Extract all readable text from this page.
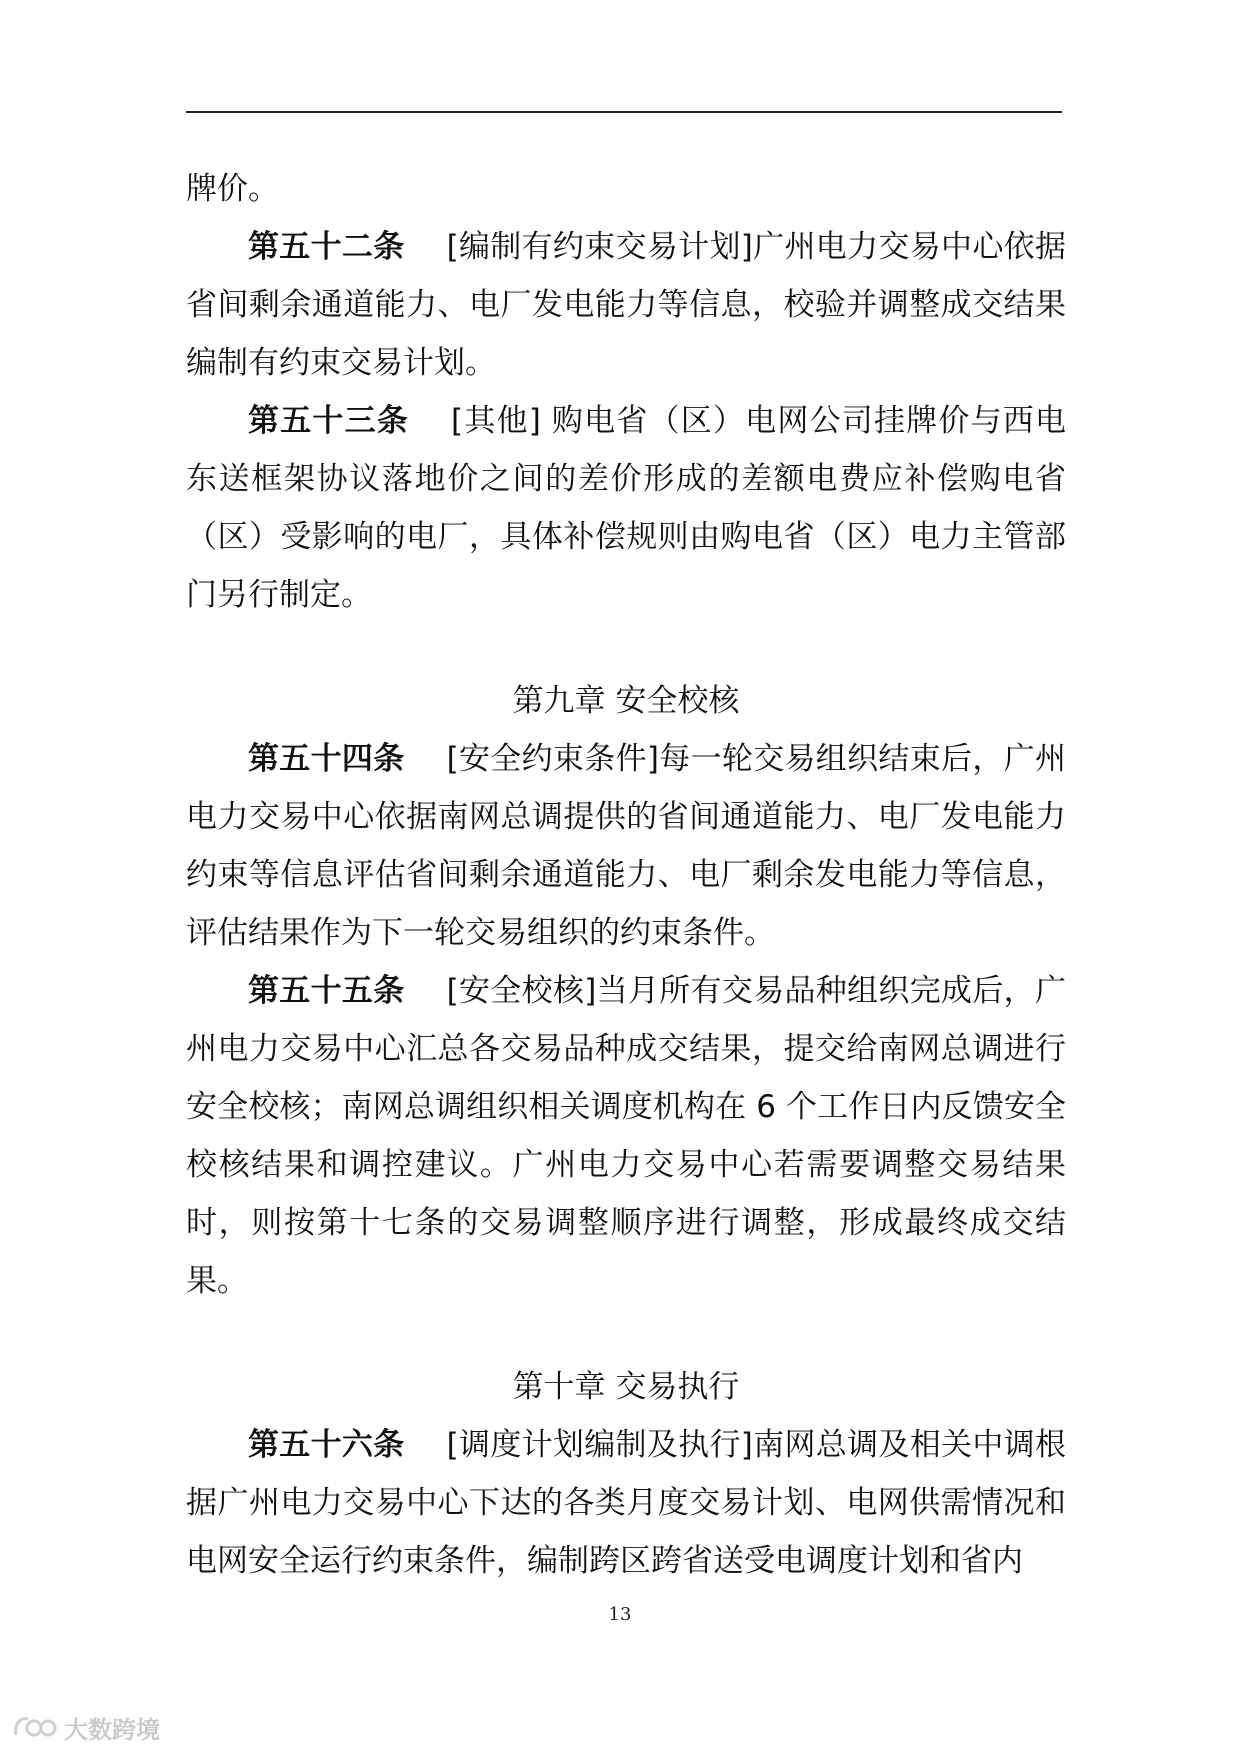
牌价。

第五十二条 [编制有约束交易计划]广州电力交易中心依据省间剩余通道能力、电厂发电能力等信息，校验并调整成交结果编制有约束交易计划。

第五十三条 [其他] 购电省（区）电网公司挂牌价与西电东送框架协议落地价之间的差价形成的差额电费应补偿购电省（区）受影响的电厂，具体补偿规则由购电省（区）电力主管部门另行制定。

第九章 安全校核

第五十四条 [安全约束条件]每一轮交易组织结束后，广州电力交易中心依据南网总调提供的省间通道能力、电厂发电能力约束等信息评估省间剩余通道能力、电厂剩余发电能力等信息，评估结果作为下一轮交易组织的约束条件。

第五十五条 [安全校核]当月所有交易品种组织完成后，广州电力交易中心汇总各交易品种成交结果，提交给南网总调进行安全校核；南网总调组织相关调度机构在 6 个工作日内反馈安全校核结果和调控建议。广州电力交易中心若需要调整交易结果时，则按第十七条的交易调整顺序进行调整，形成最终成交结果。

第十章 交易执行

第五十六条 [调度计划编制及执行]南网总调及相关中调根据广州电力交易中心下达的各类月度交易计划、电网供需情况和电网安全运行约束条件，编制跨区跨省送受电调度计划和省内

13
大数跨境
